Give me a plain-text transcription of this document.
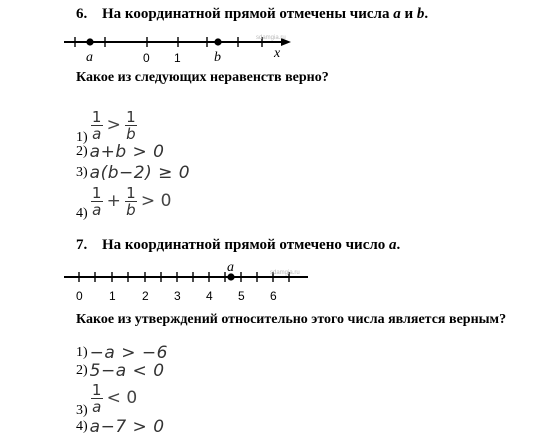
6. На координатной прямой отмечены числа a и b.
a	0 1 b	x
sdamgia.ru
Какое из следующих неравенств верно?
$1) \frac{1}{a} > \frac{1}{b}$
2) a+b > 0
3) a(b−2) ≥ 0
$4) \frac{1}{a} + \frac{1}{b} > 0$
7. На координатной прямой отмечено число a.
a
0 1 2 3 4 5 6
sdamgia.ru
Какое из утверждений относительно этого числа является верным?
1) −a > −6
2) 5−a < 0
$3) \frac{1}{a} < 0$
4) a−7 > 0
